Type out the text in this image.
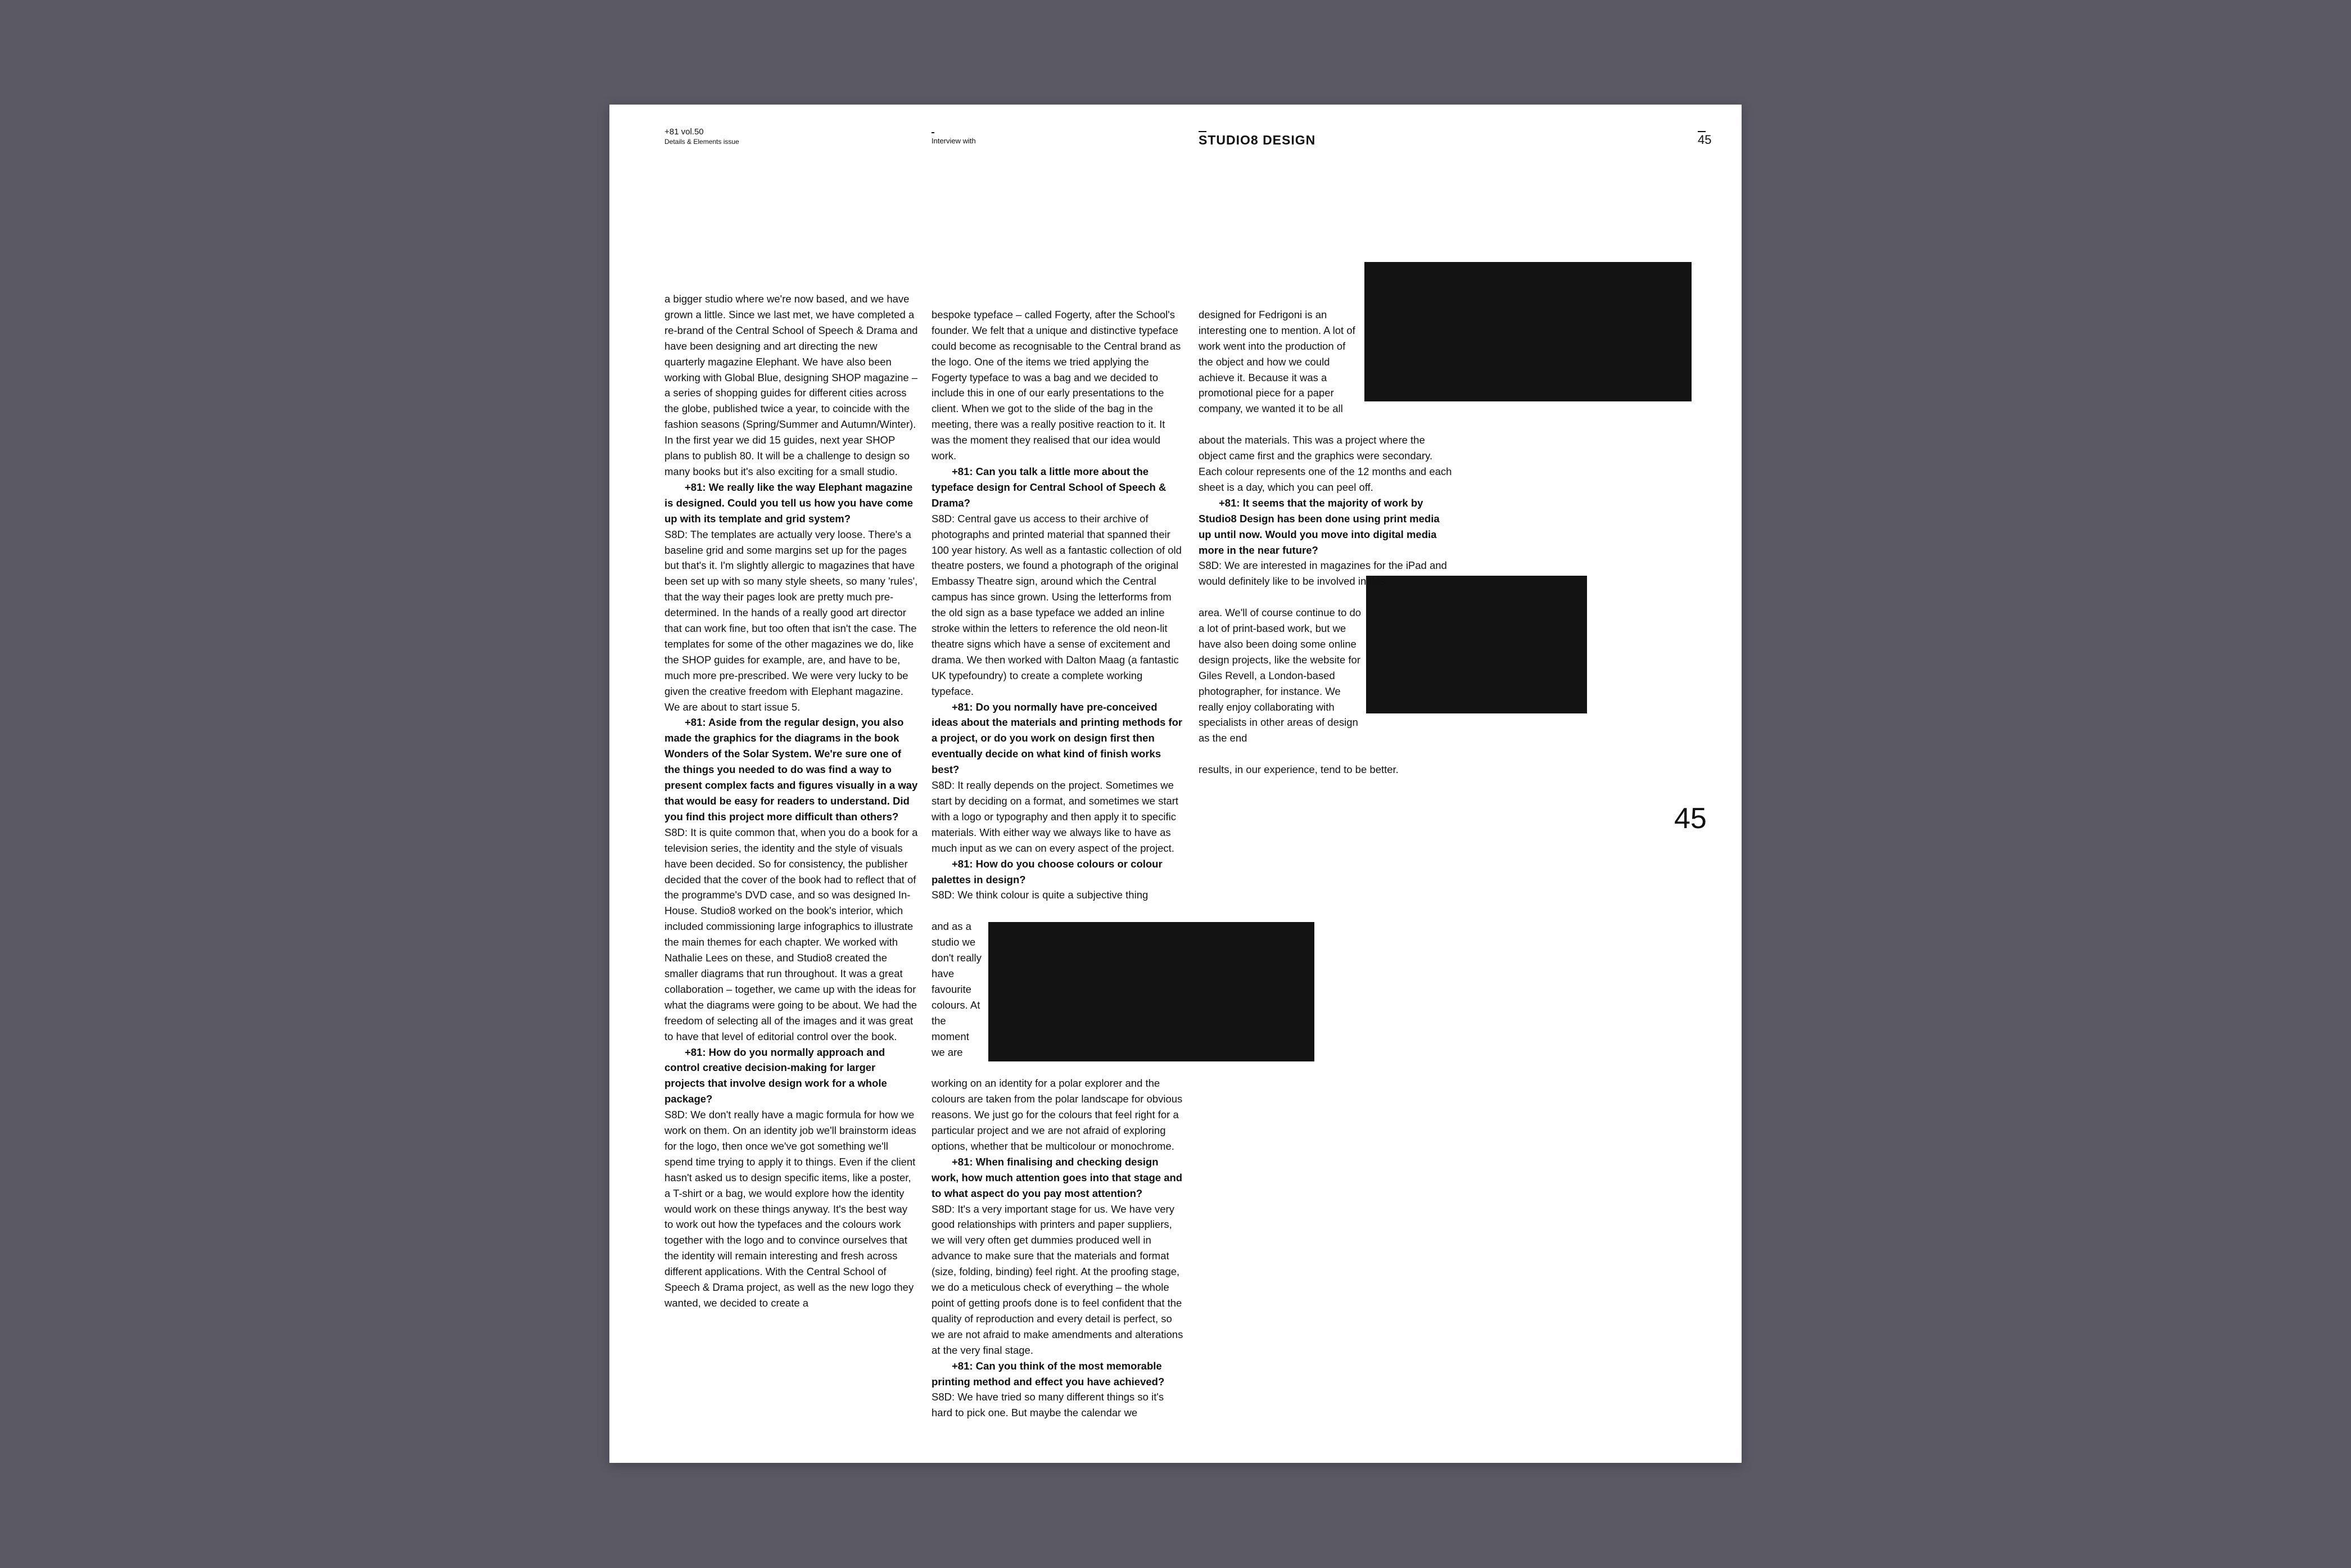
+81 vol.50
Details & Elements issue	Interview with	STUDIO8 DESIGN	45
45
a bigger studio where we're now based, and we have grown a little. Since we last met, we have completed a re-brand of the Central School of Speech & Drama and have been designing and art directing the new quarterly magazine Elephant. We have also been working with Global Blue, designing SHOP magazine – a series of shopping guides for different cities across the globe, published twice a year, to coincide with the fashion seasons (Spring/Summer and Autumn/Winter). In the first year we did 15 guides, next year SHOP plans to publish 80. It will be a challenge to design so many books but it's also exciting for a small studio.
+81: We really like the way Elephant magazine is designed. Could you tell us how you have come up with its template and grid system?
S8D: The templates are actually very loose. There's a baseline grid and some margins set up for the pages but that's it. I'm slightly allergic to magazines that have been set up with so many style sheets, so many 'rules', that the way their pages look are pretty much pre-determined. In the hands of a really good art director that can work fine, but too often that isn't the case. The templates for some of the other magazines we do, like the SHOP guides for example, are, and have to be, much more pre-prescribed. We were very lucky to be given the creative freedom with Elephant magazine. We are about to start issue 5.
+81: Aside from the regular design, you also made the graphics for the diagrams in the book Wonders of the Solar System. We're sure one of the things you needed to do was find a way to present complex facts and figures visually in a way that would be easy for readers to understand. Did you find this project more difficult than others?
S8D: It is quite common that, when you do a book for a television series, the identity and the style of visuals have been decided. So for consistency, the publisher decided that the cover of the book had to reflect that of the programme's DVD case, and so was designed In-House. Studio8 worked on the book's interior, which included commissioning large infographics to illustrate the main themes for each chapter. We worked with Nathalie Lees on these, and Studio8 created the smaller diagrams that run throughout. It was a great collaboration – together, we came up with the ideas for what the diagrams were going to be about. We had the freedom of selecting all of the images and it was great to have that level of editorial control over the book.
+81: How do you normally approach and control creative decision-making for larger projects that involve design work for a whole package?
S8D: We don't really have a magic formula for how we work on them. On an identity job we'll brainstorm ideas for the logo, then once we've got something we'll spend time trying to apply it to things. Even if the client hasn't asked us to design specific items, like a poster, a T-shirt or a bag, we would explore how the identity would work on these things anyway. It's the best way to work out how the typefaces and the colours work together with the logo and to convince ourselves that the identity will remain interesting and fresh across different applications. With the Central School of Speech & Drama project, as well as the new logo they wanted, we decided to create a

bespoke typeface – called Fogerty, after the School's founder. We felt that a unique and distinctive typeface could become as recognisable to the Central brand as the logo. One of the items we tried applying the Fogerty typeface to was a bag and we decided to include this in one of our early presentations to the client. When we got to the slide of the bag in the meeting, there was a really positive reaction to it. It was the moment they realised that our idea would work.
+81: Can you talk a little more about the typeface design for Central School of Speech & Drama?
S8D: Central gave us access to their archive of photographs and printed material that spanned their 100 year history. As well as a fantastic collection of old theatre posters, we found a photograph of the original Embassy Theatre sign, around which the Central campus has since grown. Using the letterforms from the old sign as a base typeface we added an inline stroke within the letters to reference the old neon-lit theatre signs which have a sense of excitement and drama. We then worked with Dalton Maag (a fantastic UK typefoundry) to create a complete working typeface.
+81: Do you normally have pre-conceived ideas about the materials and printing methods for a project, or do you work on design first then eventually decide on what kind of finish works best?
S8D: It really depends on the project. Sometimes we start by deciding on a format, and sometimes we start with a logo or typography and then apply it to specific materials. With either way we always like to have as much input as we can on every aspect of the project.
+81: How do you choose colours or colour palettes in design?
S8D: We think colour is quite a subjective thing

and as a studio we don't really have favourite colours. At the moment we are

working on an identity for a polar explorer and the colours are taken from the polar landscape for obvious reasons. We just go for the colours that feel right for a particular project and we are not afraid of exploring options, whether that be multicolour or monochrome.
+81: When finalising and checking design work, how much attention goes into that stage and to what aspect do you pay most attention?
S8D: It's a very important stage for us. We have very good relationships with printers and paper suppliers, we will very often get dummies produced well in advance to make sure that the materials and format (size, folding, binding) feel right. At the proofing stage, we do a meticulous check of everything – the whole point of getting proofs done is to feel confident that the quality of reproduction and every detail is perfect, so we are not afraid to make amendments and alterations at the very final stage.
+81: Can you think of the most memorable printing method and effect you have achieved?
S8D: We have tried so many different things so it's hard to pick one. But maybe the calendar we

designed for Fedrigoni is an interesting one to mention. A lot of work went into the production of the object and how we could achieve it. Because it was a promotional piece for a paper company, we wanted it to be all

about the materials. This was a project where the object came first and the graphics were secondary. Each colour represents one of the 12 months and each sheet is a day, which you can peel off.
+81: It seems that the majority of work by Studio8 Design has been done using print media up until now. Would you move into digital media more in the near future?
S8D: We are interested in magazines for the iPad and would definitely like to be involved in this

area. We'll of course continue to do a lot of print-based work, but we have also been doing some online design projects, like the website for Giles Revell, a London-based photographer, for instance. We really enjoy collaborating with specialists in other areas of design as the end

results, in our experience, tend to be better.
